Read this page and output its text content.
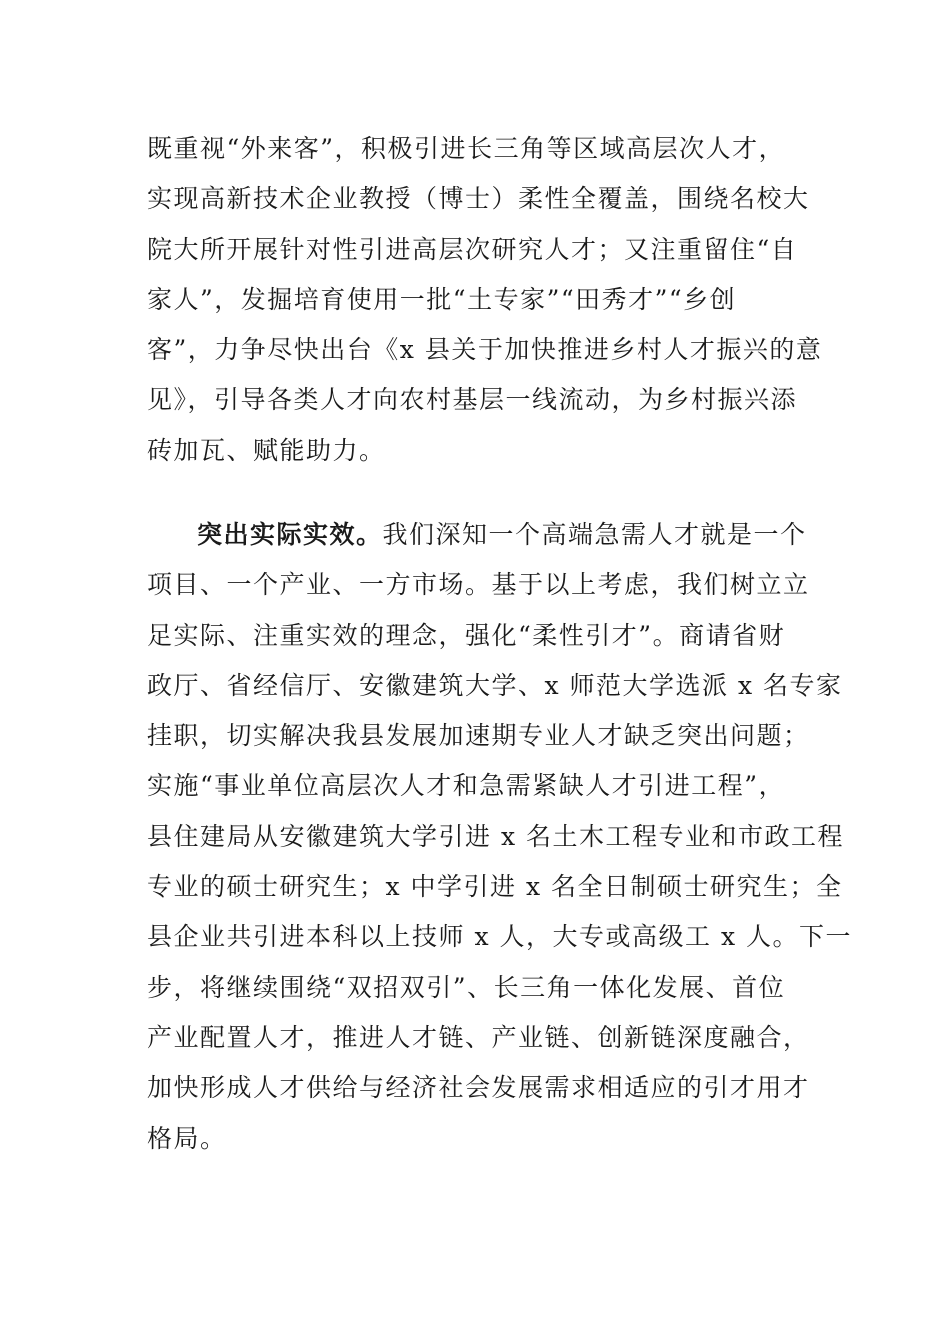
既重视“外来客”，积极引进长三角等区域高层次人才，
实现高新技术企业教授（博士）柔性全覆盖，围绕名校大
院大所开展针对性引进高层次研究人才；又注重留住“自
家人”，发掘培育使用一批“土专家”“田秀才”“乡创
客”，力争尽快出台《x 县关于加快推进乡村人才振兴的意
见》，引导各类人才向农村基层一线流动，为乡村振兴添
砖加瓦、赋能助力。
突出实际实效。我们深知一个高端急需人才就是一个
项目、一个产业、一方市场。基于以上考虑，我们树立立
足实际、注重实效的理念，强化“柔性引才”。商请省财
政厅、省经信厅、安徽建筑大学、x 师范大学选派 x 名专家
挂职，切实解决我县发展加速期专业人才缺乏突出问题；
实施“事业单位高层次人才和急需紧缺人才引进工程”，
县住建局从安徽建筑大学引进 x 名土木工程专业和市政工程
专业的硕士研究生；x 中学引进 x 名全日制硕士研究生；全
县企业共引进本科以上技师 x 人，大专或高级工 x 人。下一
步，将继续围绕“双招双引”、长三角一体化发展、首位
产业配置人才，推进人才链、产业链、创新链深度融合，
加快形成人才供给与经济社会发展需求相适应的引才用才
格局。
